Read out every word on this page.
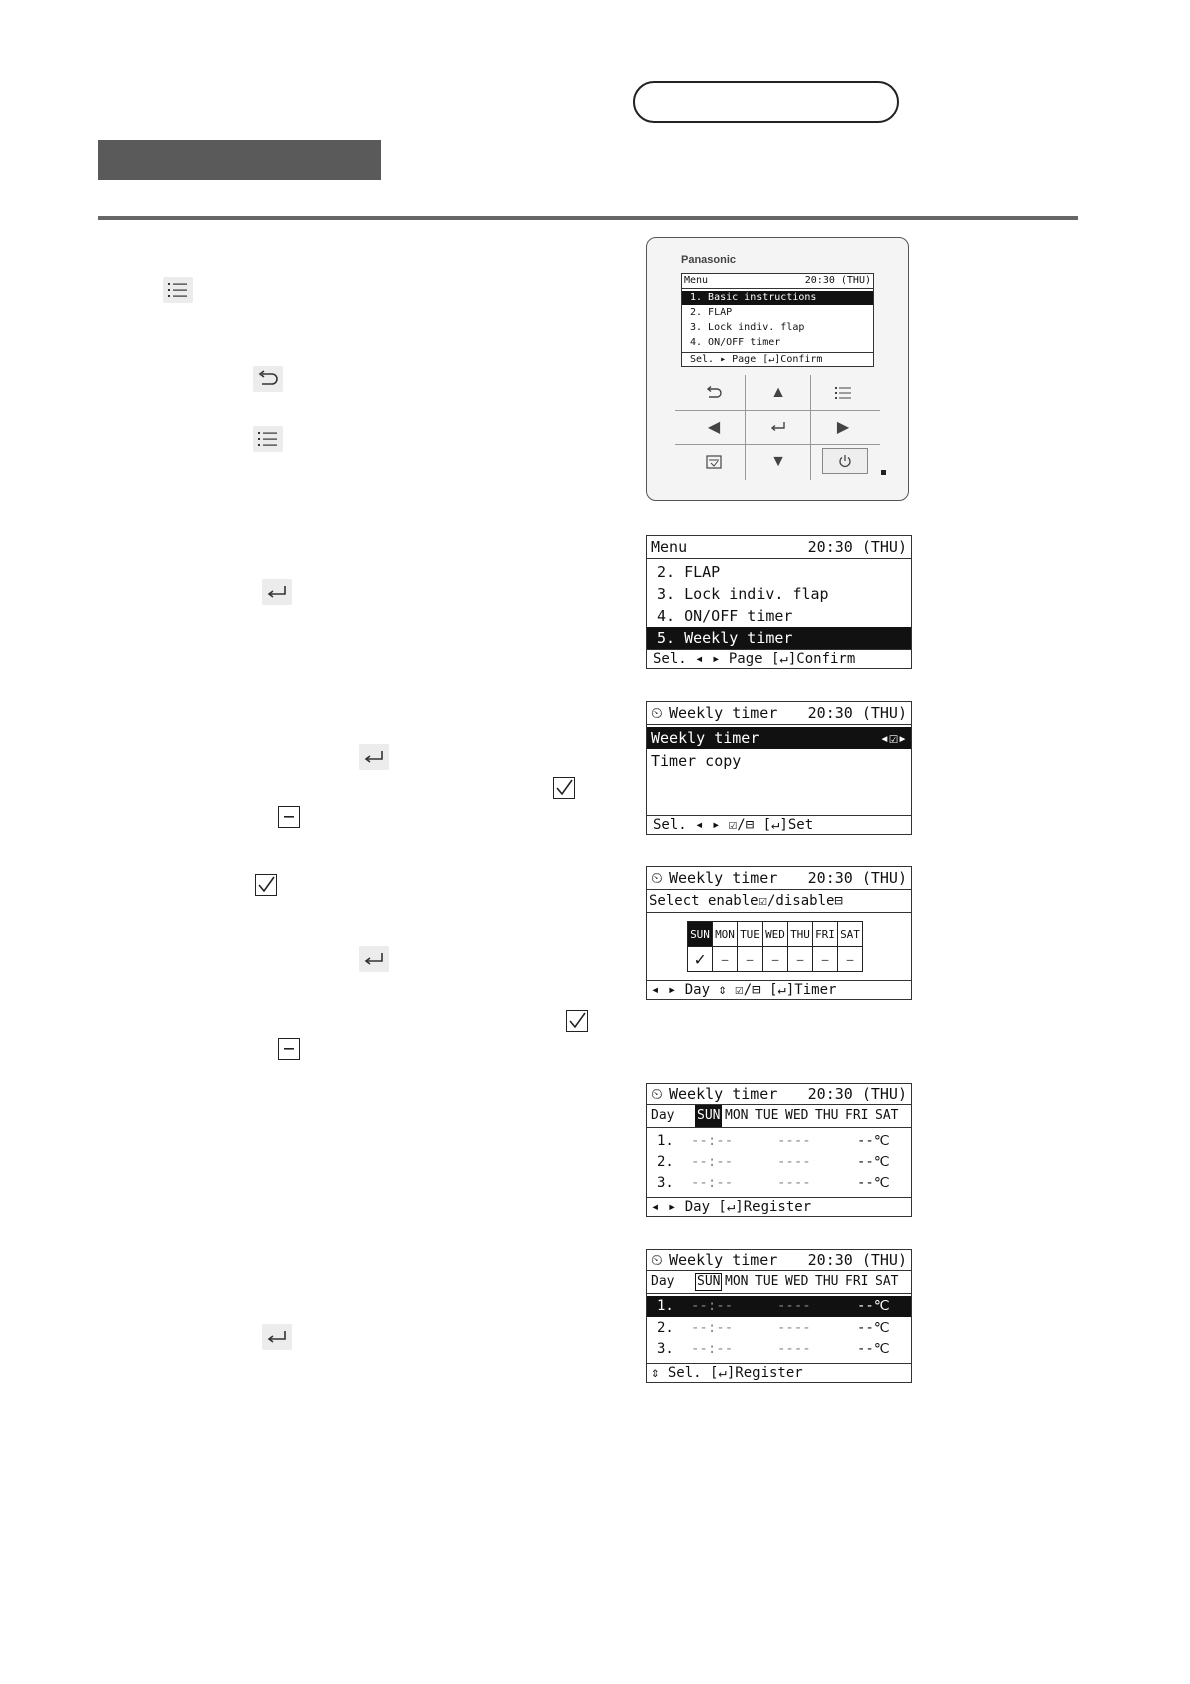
Panasonic
Menu	20:30 (THU)
1. Basic instructions
2. FLAP
3. Lock indiv. flap
4. ON/OFF timer
Sel. ▸ Page [↵]Confirm
▲
◀	▶
▼
Menu	20:30 (THU)
2. FLAP
3. Lock indiv. flap
4. ON/OFF timer
5. Weekly timer
Sel. ◂ ▸ Page [↵]Confirm
⏲ Weekly timer 20:30 (THU)
Weekly timer	◂☑▸
Timer copy
Sel. ◂ ▸ ☑/⊟ [↵]Set
⏲ Weekly timer 20:30 (THU)
Select enable☑/disable⊟
SUN	MON	TUE	WED	THU	FRI	SAT
✓	—	—	—	—	—	—
◂ ▸ Day ⇕ ☑/⊟ [↵]Timer
⏲ Weekly timer 20:30 (THU)
Day SUN MON TUE WED THU FRI SAT
1. --:--	----	--℃
2. --:--	----	--℃
3. --:--	----	--℃
◂ ▸ Day [↵]Register
⏲ Weekly timer 20:30 (THU)
Day SUN MON TUE WED THU FRI SAT
1. --:--	----	--℃
2. --:--	----	--℃
3. --:--	----	--℃
⇕ Sel. [↵]Register
